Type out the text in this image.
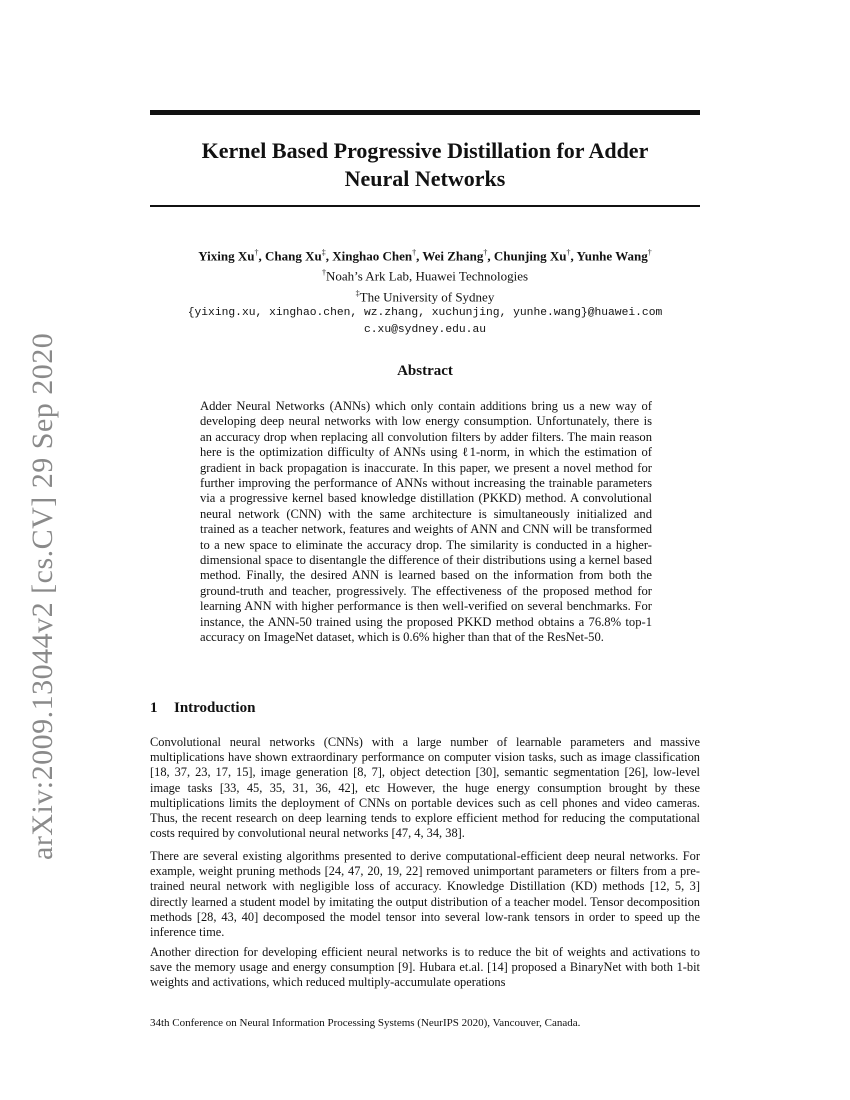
arXiv:2009.13044v2 [cs.CV] 29 Sep 2020
Kernel Based Progressive Distillation for Adder
Neural Networks
Yixing Xu†, Chang Xu‡, Xinghao Chen†, Wei Zhang†, Chunjing Xu†, Yunhe Wang†
†Noah’s Ark Lab, Huawei Technologies
‡The University of Sydney
{yixing.xu, xinghao.chen, wz.zhang, xuchunjing, yunhe.wang}@huawei.com
c.xu@sydney.edu.au
Abstract

Adder Neural Networks (ANNs) which only contain additions bring us a new way of developing deep neural networks with low energy consumption. Unfortunately, there is an accuracy drop when replacing all convolution filters by adder filters. The main reason here is the optimization difficulty of ANNs using ℓ1-norm, in which the estimation of gradient in back propagation is inaccurate. In this paper, we present a novel method for further improving the performance of ANNs without increasing the trainable parameters via a progressive kernel based knowledge distillation (PKKD) method. A convolutional neural network (CNN) with the same architecture is simultaneously initialized and trained as a teacher network, features and weights of ANN and CNN will be transformed to a new space to eliminate the accuracy drop. The similarity is conducted in a higher-dimensional space to disentangle the difference of their distributions using a kernel based method. Finally, the desired ANN is learned based on the information from both the ground-truth and teacher, progressively. The effectiveness of the proposed method for learning ANN with higher performance is then well-verified on several benchmarks. For instance, the ANN-50 trained using the proposed PKKD method obtains a 76.8% top-1 accuracy on ImageNet dataset, which is 0.6% higher than that of the ResNet-50.

1 Introduction

Convolutional neural networks (CNNs) with a large number of learnable parameters and massive multiplications have shown extraordinary performance on computer vision tasks, such as image classification [18, 37, 23, 17, 15], image generation [8, 7], object detection [30], semantic segmentation [26], low-level image tasks [33, 45, 35, 31, 36, 42], etc However, the huge energy consumption brought by these multiplications limits the deployment of CNNs on portable devices such as cell phones and video cameras. Thus, the recent research on deep learning tends to explore efficient method for reducing the computational costs required by convolutional neural networks [47, 4, 34, 38].

There are several existing algorithms presented to derive computational-efficient deep neural networks. For example, weight pruning methods [24, 47, 20, 19, 22] removed unimportant parameters or filters from a pre-trained neural network with negligible loss of accuracy. Knowledge Distillation (KD) methods [12, 5, 3] directly learned a student model by imitating the output distribution of a teacher model. Tensor decomposition methods [28, 43, 40] decomposed the model tensor into several low-rank tensors in order to speed up the inference time.

Another direction for developing efficient neural networks is to reduce the bit of weights and activations to save the memory usage and energy consumption [9]. Hubara et.al. [14] proposed a BinaryNet with both 1-bit weights and activations, which reduced multiply-accumulate operations

34th Conference on Neural Information Processing Systems (NeurIPS 2020), Vancouver, Canada.
